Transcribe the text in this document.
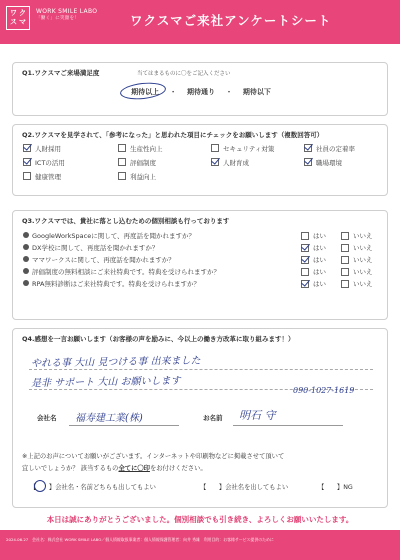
ワ ク
ス マ
WORK SMILE LABO
「働く」に笑顔を！	ワクスマご来社アンケートシート
Q1.ワクスマご来場満足度	当てはまるものに〇をご記入ください
期待以上 ・ 期待通り ・ 期待以下
Q2.ワクスマを見学されて、「参考になった」と思われた項目にチェックをお願いします（複数回答可）
人財採用	生産性向上	セキュリティ対策	社員の定着率
ICTの活用	評価制度	人財育成	職場環境
健康管理	利益向上
Q3.ワクスマでは、貴社に落とし込むための個別相談も行っております
GoogleWorkSpaceに関して、再度話を聞かれますか？	はい	いいえ
DX学校に関して、再度話を聞かれますか？	はい	いいえ
ママワークスに関して、再度話を聞かれますか？	はい	いいえ
評価制度の無料相談にご来社特典です。特典を受けられますか？	はい	いいえ
RPA無料診断はご来社特典です。特典を受けられますか？	はい	いいえ
Q4.感想を一言お願いします（お客様の声を励みに、今以上の働き方改革に取り組みます！）
やれる事 大山 見つける事 出来ました
是非 サポート 大山 お願いします
090-1027-1619
会社名 福寿建工業(株)	お名前 明石 守
※上記のお声についてお願いがございます。インターネットや印刷物などに掲載させて頂いて
宜しいでしょうか？ 該当するもの全てに〇印をお付けください。
【　　】会社名・名前どちらも出してもよい	【　　】会社名を出してもよい	【　　】NG
本日は誠にありがとうございました。個別相談でも引き続き、よろしくお願いいたします。
2024.06.27　会社名：株式会社 WORK SMILE LABO／個人情報取扱事業者：個人情報保護管理者：向井 秀雄　利用目的：お客様サービス提供のために
